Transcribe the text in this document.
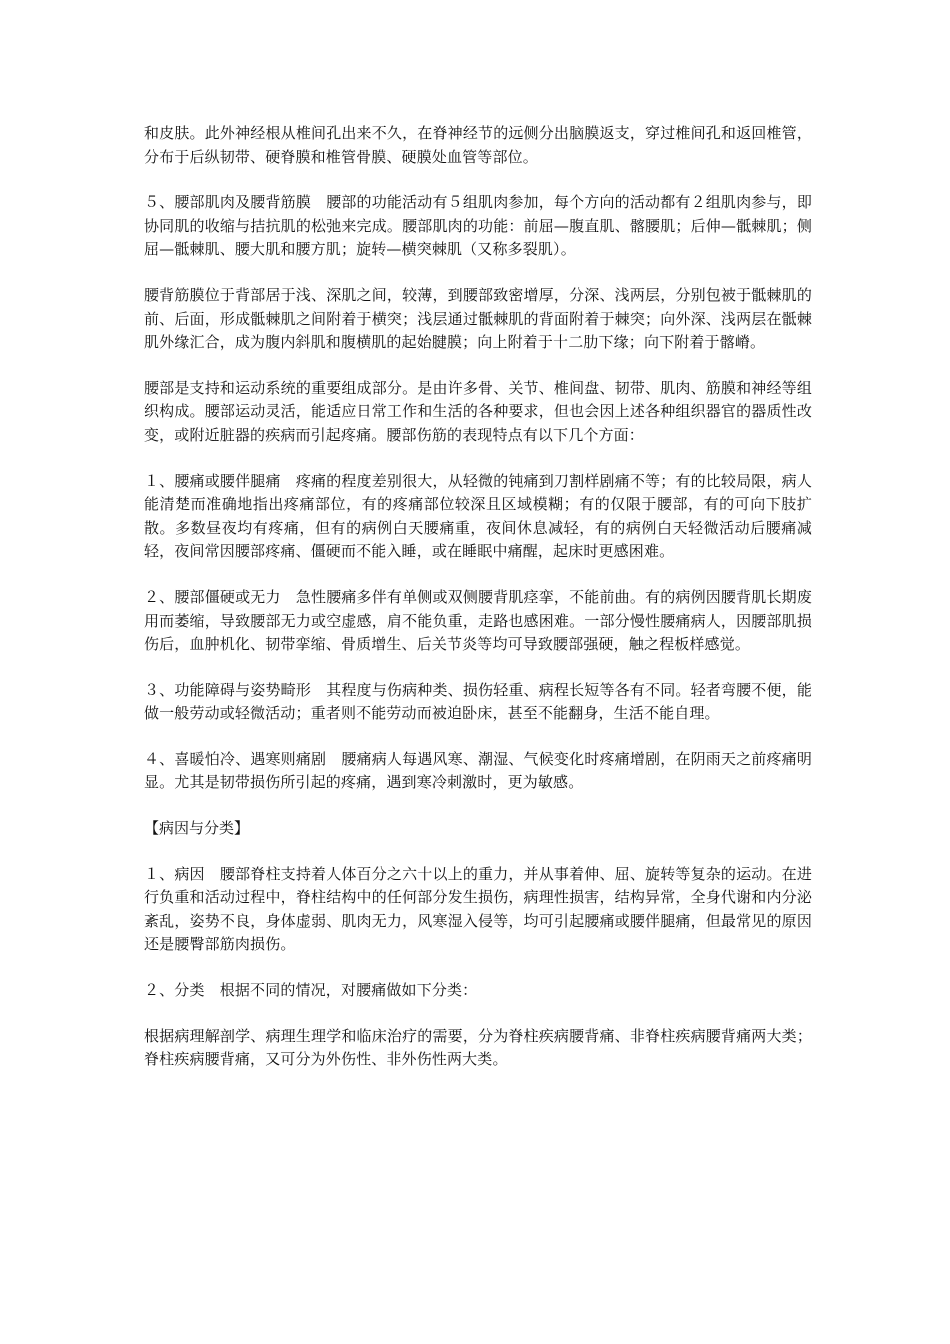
和皮肤。此外神经根从椎间孔出来不久，在脊神经节的远侧分出脑膜返支，穿过椎间孔和返回椎管，分布于后纵韧带、硬脊膜和椎管骨膜、硬膜处血管等部位。

５、腰部肌肉及腰背筋膜　腰部的功能活动有５组肌肉参加，每个方向的活动都有２组肌肉参与，即协同肌的收缩与拮抗肌的松弛来完成。腰部肌肉的功能：前屈—腹直肌、髂腰肌；后伸—骶棘肌；侧屈—骶棘肌、腰大肌和腰方肌；旋转—横突棘肌（又称多裂肌）。

腰背筋膜位于背部居于浅、深肌之间，较薄，到腰部致密增厚，分深、浅两层，分别包被于骶棘肌的前、后面，形成骶棘肌之间附着于横突；浅层通过骶棘肌的背面附着于棘突；向外深、浅两层在骶棘肌外缘汇合，成为腹内斜肌和腹横肌的起始腱膜；向上附着于十二肋下缘；向下附着于髂嵴。

腰部是支持和运动系统的重要组成部分。是由许多骨、关节、椎间盘、韧带、肌肉、筋膜和神经等组织构成。腰部运动灵活，能适应日常工作和生活的各种要求，但也会因上述各种组织器官的器质性改变，或附近脏器的疾病而引起疼痛。腰部伤筋的表现特点有以下几个方面：

１、腰痛或腰伴腿痛　疼痛的程度差别很大，从轻微的钝痛到刀割样剧痛不等；有的比较局限，病人能清楚而准确地指出疼痛部位，有的疼痛部位较深且区域模糊；有的仅限于腰部，有的可向下肢扩散。多数昼夜均有疼痛，但有的病例白天腰痛重，夜间休息减轻，有的病例白天轻微活动后腰痛减轻，夜间常因腰部疼痛、僵硬而不能入睡，或在睡眠中痛醒，起床时更感困难。

２、腰部僵硬或无力　急性腰痛多伴有单侧或双侧腰背肌痉挛，不能前曲。有的病例因腰背肌长期废用而萎缩，导致腰部无力或空虚感，肩不能负重，走路也感困难。一部分慢性腰痛病人，因腰部肌损伤后，血肿机化、韧带挛缩、骨质增生、后关节炎等均可导致腰部强硬，触之程板样感觉。

３、功能障碍与姿势畸形　其程度与伤病种类、损伤轻重、病程长短等各有不同。轻者弯腰不便，能做一般劳动或轻微活动；重者则不能劳动而被迫卧床，甚至不能翻身，生活不能自理。

４、喜暖怕冷、遇寒则痛剧　腰痛病人每遇风寒、潮湿、气候变化时疼痛增剧，在阴雨天之前疼痛明显。尤其是韧带损伤所引起的疼痛，遇到寒冷刺激时，更为敏感。

【病因与分类】

１、病因　腰部脊柱支持着人体百分之六十以上的重力，并从事着伸、屈、旋转等复杂的运动。在进行负重和活动过程中，脊柱结构中的任何部分发生损伤，病理性损害，结构异常，全身代谢和内分泌紊乱，姿势不良，身体虚弱、肌肉无力，风寒湿入侵等，均可引起腰痛或腰伴腿痛，但最常见的原因还是腰臀部筋肉损伤。

２、分类　根据不同的情况，对腰痛做如下分类：

根据病理解剖学、病理生理学和临床治疗的需要，分为脊柱疾病腰背痛、非脊柱疾病腰背痛两大类；脊柱疾病腰背痛，又可分为外伤性、非外伤性两大类。
